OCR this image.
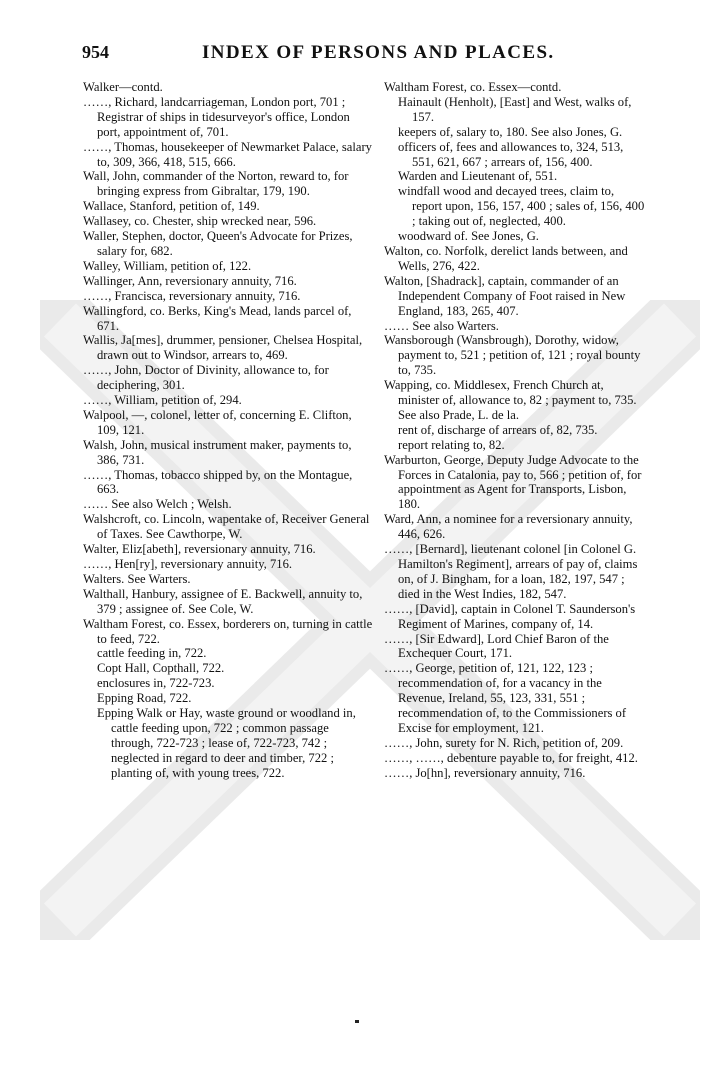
954	INDEX OF PERSONS AND PLACES.

Walker—contd.

……, Richard, landcarriageman, London port, 701 ; Registrar of ships in tidesurveyor's office, London port, appointment of, 701.

……, Thomas, housekeeper of Newmarket Palace, salary to, 309, 366, 418, 515, 666.

Wall, John, commander of the Norton, reward to, for bringing express from Gibraltar, 179, 190.

Wallace, Stanford, petition of, 149.

Wallasey, co. Chester, ship wrecked near, 596.

Waller, Stephen, doctor, Queen's Advocate for Prizes, salary for, 682.

Walley, William, petition of, 122.

Wallinger, Ann, reversionary annuity, 716.

……, Francisca, reversionary annuity, 716.

Wallingford, co. Berks, King's Mead, lands parcel of, 671.

Wallis, Ja[mes], drummer, pensioner, Chelsea Hospital, drawn out to Windsor, arrears to, 469.

……, John, Doctor of Divinity, allowance to, for deciphering, 301.

……, William, petition of, 294.

Walpool, —, colonel, letter of, concerning E. Clifton, 109, 121.

Walsh, John, musical instrument maker, payments to, 386, 731.

……, Thomas, tobacco shipped by, on the Montague, 663.

…… See also Welch ; Welsh.

Walshcroft, co. Lincoln, wapentake of, Receiver General of Taxes. See Cawthorpe, W.

Walter, Eliz[abeth], reversionary annuity, 716.

……, Hen[ry], reversionary annuity, 716.

Walters. See Warters.

Walthall, Hanbury, assignee of E. Backwell, annuity to, 379 ; assignee of. See Cole, W.

Waltham Forest, co. Essex, borderers on, turning in cattle to feed, 722.

cattle feeding in, 722.

Copt Hall, Copthall, 722.

enclosures in, 722-723.

Epping Road, 722.

Epping Walk or Hay, waste ground or woodland in, cattle feeding upon, 722 ; common passage through, 722-723 ; lease of, 722-723, 742 ; neglected in regard to deer and timber, 722 ; planting of, with young trees, 722.

Waltham Forest, co. Essex—contd.

Hainault (Henholt), [East] and West, walks of, 157.

keepers of, salary to, 180. See also Jones, G.

officers of, fees and allowances to, 324, 513, 551, 621, 667 ; arrears of, 156, 400.

Warden and Lieutenant of, 551.

windfall wood and decayed trees, claim to, report upon, 156, 157, 400 ; sales of, 156, 400 ; taking out of, neglected, 400.

woodward of. See Jones, G.

Walton, co. Norfolk, derelict lands between, and Wells, 276, 422.

Walton, [Shadrack], captain, commander of an Independent Company of Foot raised in New England, 183, 265, 407.

…… See also Warters.

Wansborough (Wansbrough), Dorothy, widow, payment to, 521 ; petition of, 121 ; royal bounty to, 735.

Wapping, co. Middlesex, French Church at, minister of, allowance to, 82 ; payment to, 735. See also Prade, L. de la.

rent of, discharge of arrears of, 82, 735.

report relating to, 82.

Warburton, George, Deputy Judge Advocate to the Forces in Catalonia, pay to, 566 ; petition of, for appointment as Agent for Transports, Lisbon, 180.

Ward, Ann, a nominee for a reversionary annuity, 446, 626.

……, [Bernard], lieutenant colonel [in Colonel G. Hamilton's Regiment], arrears of pay of, claims on, of J. Bingham, for a loan, 182, 197, 547 ; died in the West Indies, 182, 547.

……, [David], captain in Colonel T. Saunderson's Regiment of Marines, company of, 14.

……, [Sir Edward], Lord Chief Baron of the Exchequer Court, 171.

……, George, petition of, 121, 122, 123 ; recommendation of, for a vacancy in the Revenue, Ireland, 55, 123, 331, 551 ; recommendation of, to the Commissioners of Excise for employment, 121.

……, John, surety for N. Rich, petition of, 209.

……, ……, debenture payable to, for freight, 412.

……, Jo[hn], reversionary annuity, 716.
